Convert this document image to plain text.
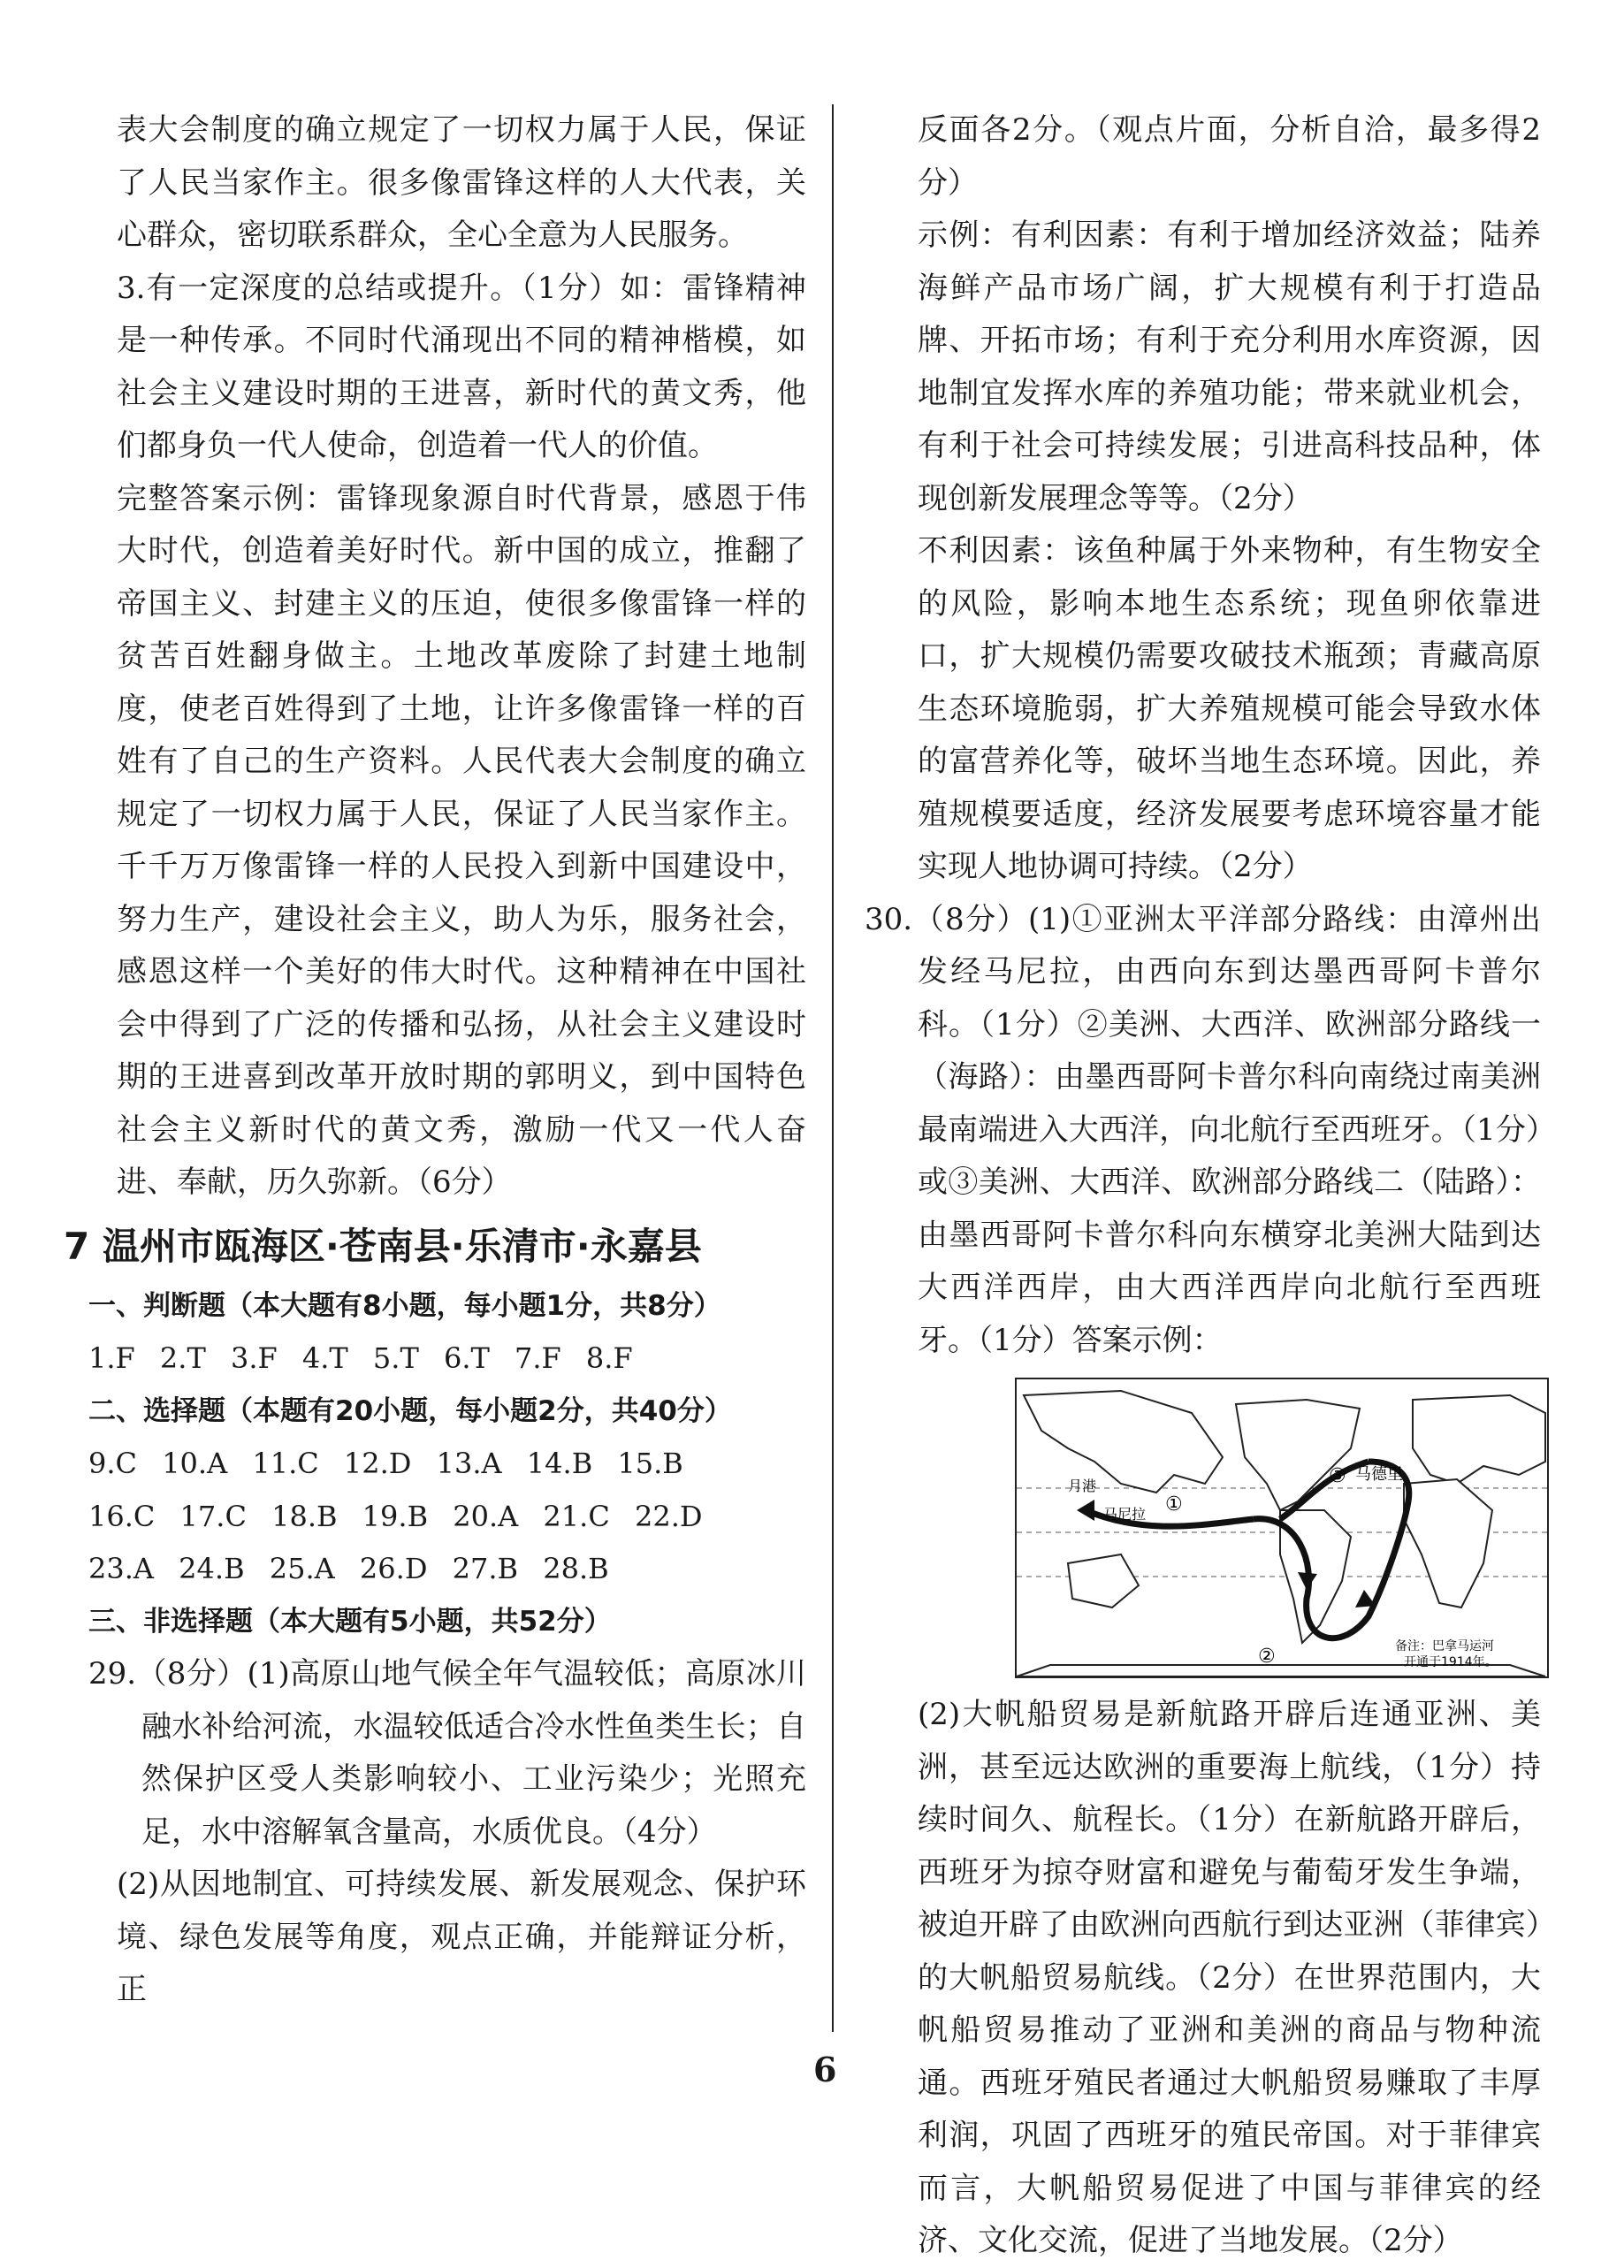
表大会制度的确立规定了一切权力属于人民，保证了人民当家作主。很多像雷锋这样的人大代表，关心群众，密切联系群众，全心全意为人民服务。

3.有一定深度的总结或提升。（1分）如：雷锋精神是一种传承。不同时代涌现出不同的精神楷模，如社会主义建设时期的王进喜，新时代的黄文秀，他们都身负一代人使命，创造着一代人的价值。

完整答案示例：雷锋现象源自时代背景，感恩于伟大时代，创造着美好时代。新中国的成立，推翻了帝国主义、封建主义的压迫，使很多像雷锋一样的贫苦百姓翻身做主。土地改革废除了封建土地制度，使老百姓得到了土地，让许多像雷锋一样的百姓有了自己的生产资料。人民代表大会制度的确立规定了一切权力属于人民，保证了人民当家作主。千千万万像雷锋一样的人民投入到新中国建设中，努力生产，建设社会主义，助人为乐，服务社会，感恩这样一个美好的伟大时代。这种精神在中国社会中得到了广泛的传播和弘扬，从社会主义建设时期的王进喜到改革开放时期的郭明义，到中国特色社会主义新时代的黄文秀，激励一代又一代人奋进、奉献，历久弥新。（6分）

7 温州市瓯海区·苍南县·乐清市·永嘉县

一、判断题（本大题有8小题，每小题1分，共8分）

1.F 2.T 3.F 4.T 5.T 6.T 7.F 8.F

二、选择题（本题有20小题，每小题2分，共40分）

9.C 10.A 11.C 12.D 13.A 14.B 15.B

16.C 17.C 18.B 19.B 20.A 21.C 22.D

23.A 24.B 25.A 26.D 27.B 28.B

三、非选择题（本大题有5小题，共52分）

29.（8分）(1)高原山地气候全年气温较低；高原冰川融水补给河流，水温较低适合冷水性鱼类生长；自然保护区受人类影响较小、工业污染少；光照充足，水中溶解氧含量高，水质优良。（4分）

(2)从因地制宜、可持续发展、新发展观念、保护环境、绿色发展等角度，观点正确，并能辩证分析，正

反面各2分。（观点片面，分析自洽，最多得2分）

示例：有利因素：有利于增加经济效益；陆养海鲜产品市场广阔，扩大规模有利于打造品牌、开拓市场；有利于充分利用水库资源，因地制宜发挥水库的养殖功能；带来就业机会，有利于社会可持续发展；引进高科技品种，体现创新发展理念等等。（2分）

不利因素：该鱼种属于外来物种，有生物安全的风险，影响本地生态系统；现鱼卵依靠进口，扩大规模仍需要攻破技术瓶颈；青藏高原生态环境脆弱，扩大养殖规模可能会导致水体的富营养化等，破坏当地生态环境。因此，养殖规模要适度，经济发展要考虑环境容量才能实现人地协调可持续。（2分）

30.（8分）(1)①亚洲太平洋部分路线：由漳州出发经马尼拉，由西向东到达墨西哥阿卡普尔科。（1分）②美洲、大西洋、欧洲部分路线一（海路）：由墨西哥阿卡普尔科向南绕过南美洲最南端进入大西洋，向北航行至西班牙。（1分）或③美洲、大西洋、欧洲部分路线二（陆路）：由墨西哥阿卡普尔科向东横穿北美洲大陆到达大西洋西岸，由大西洋西岸向北航行至西班牙。（1分）答案示例：

月港
马尼拉
马德里
①
②
③
备注：巴拿马运河
开通于1914年。

(2)大帆船贸易是新航路开辟后连通亚洲、美洲，甚至远达欧洲的重要海上航线，（1分）持续时间久、航程长。（1分）在新航路开辟后，西班牙为掠夺财富和避免与葡萄牙发生争端，被迫开辟了由欧洲向西航行到达亚洲（菲律宾）的大帆船贸易航线。（2分）在世界范围内，大帆船贸易推动了亚洲和美洲的商品与物种流通。西班牙殖民者通过大帆船贸易赚取了丰厚利润，巩固了西班牙的殖民帝国。对于菲律宾而言，大帆船贸易促进了中国与菲律宾的经济、文化交流，促进了当地发展。（2分）

6
